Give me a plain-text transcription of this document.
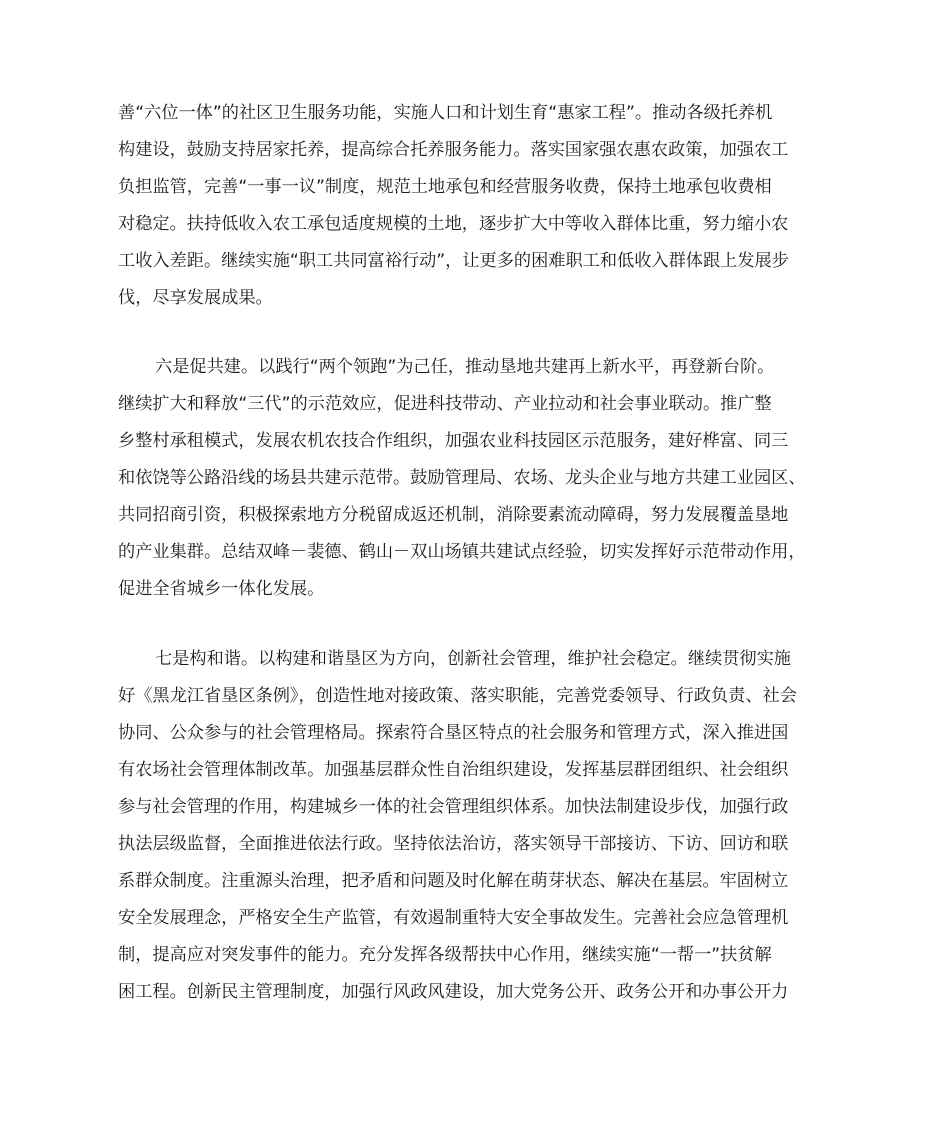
善“六位一体”的社区卫生服务功能，实施人口和计划生育“惠家工程”。推动各级托养机
构建设，鼓励支持居家托养，提高综合托养服务能力。落实国家强农惠农政策，加强农工
负担监管，完善“一事一议”制度，规范土地承包和经营服务收费，保持土地承包收费相
对稳定。扶持低收入农工承包适度规模的土地，逐步扩大中等收入群体比重，努力缩小农
工收入差距。继续实施“职工共同富裕行动”，让更多的困难职工和低收入群体跟上发展步
伐，尽享发展成果。
六是促共建。以践行“两个领跑”为己任，推动垦地共建再上新水平，再登新台阶。
继续扩大和释放“三代”的示范效应，促进科技带动、产业拉动和社会事业联动。推广整
乡整村承租模式，发展农机农技合作组织，加强农业科技园区示范服务，建好桦富、同三
和依饶等公路沿线的场县共建示范带。鼓励管理局、农场、龙头企业与地方共建工业园区、
共同招商引资，积极探索地方分税留成返还机制，消除要素流动障碍，努力发展覆盖垦地
的产业集群。总结双峰－裴德、鹤山－双山场镇共建试点经验，切实发挥好示范带动作用，
促进全省城乡一体化发展。
七是构和谐。以构建和谐垦区为方向，创新社会管理，维护社会稳定。继续贯彻实施
好《黑龙江省垦区条例》，创造性地对接政策、落实职能，完善党委领导、行政负责、社会
协同、公众参与的社会管理格局。探索符合垦区特点的社会服务和管理方式，深入推进国
有农场社会管理体制改革。加强基层群众性自治组织建设，发挥基层群团组织、社会组织
参与社会管理的作用，构建城乡一体的社会管理组织体系。加快法制建设步伐，加强行政
执法层级监督，全面推进依法行政。坚持依法治访，落实领导干部接访、下访、回访和联
系群众制度。注重源头治理，把矛盾和问题及时化解在萌芽状态、解决在基层。牢固树立
安全发展理念，严格安全生产监管，有效遏制重特大安全事故发生。完善社会应急管理机
制，提高应对突发事件的能力。充分发挥各级帮扶中心作用，继续实施“一帮一”扶贫解
困工程。创新民主管理制度，加强行风政风建设，加大党务公开、政务公开和办事公开力
